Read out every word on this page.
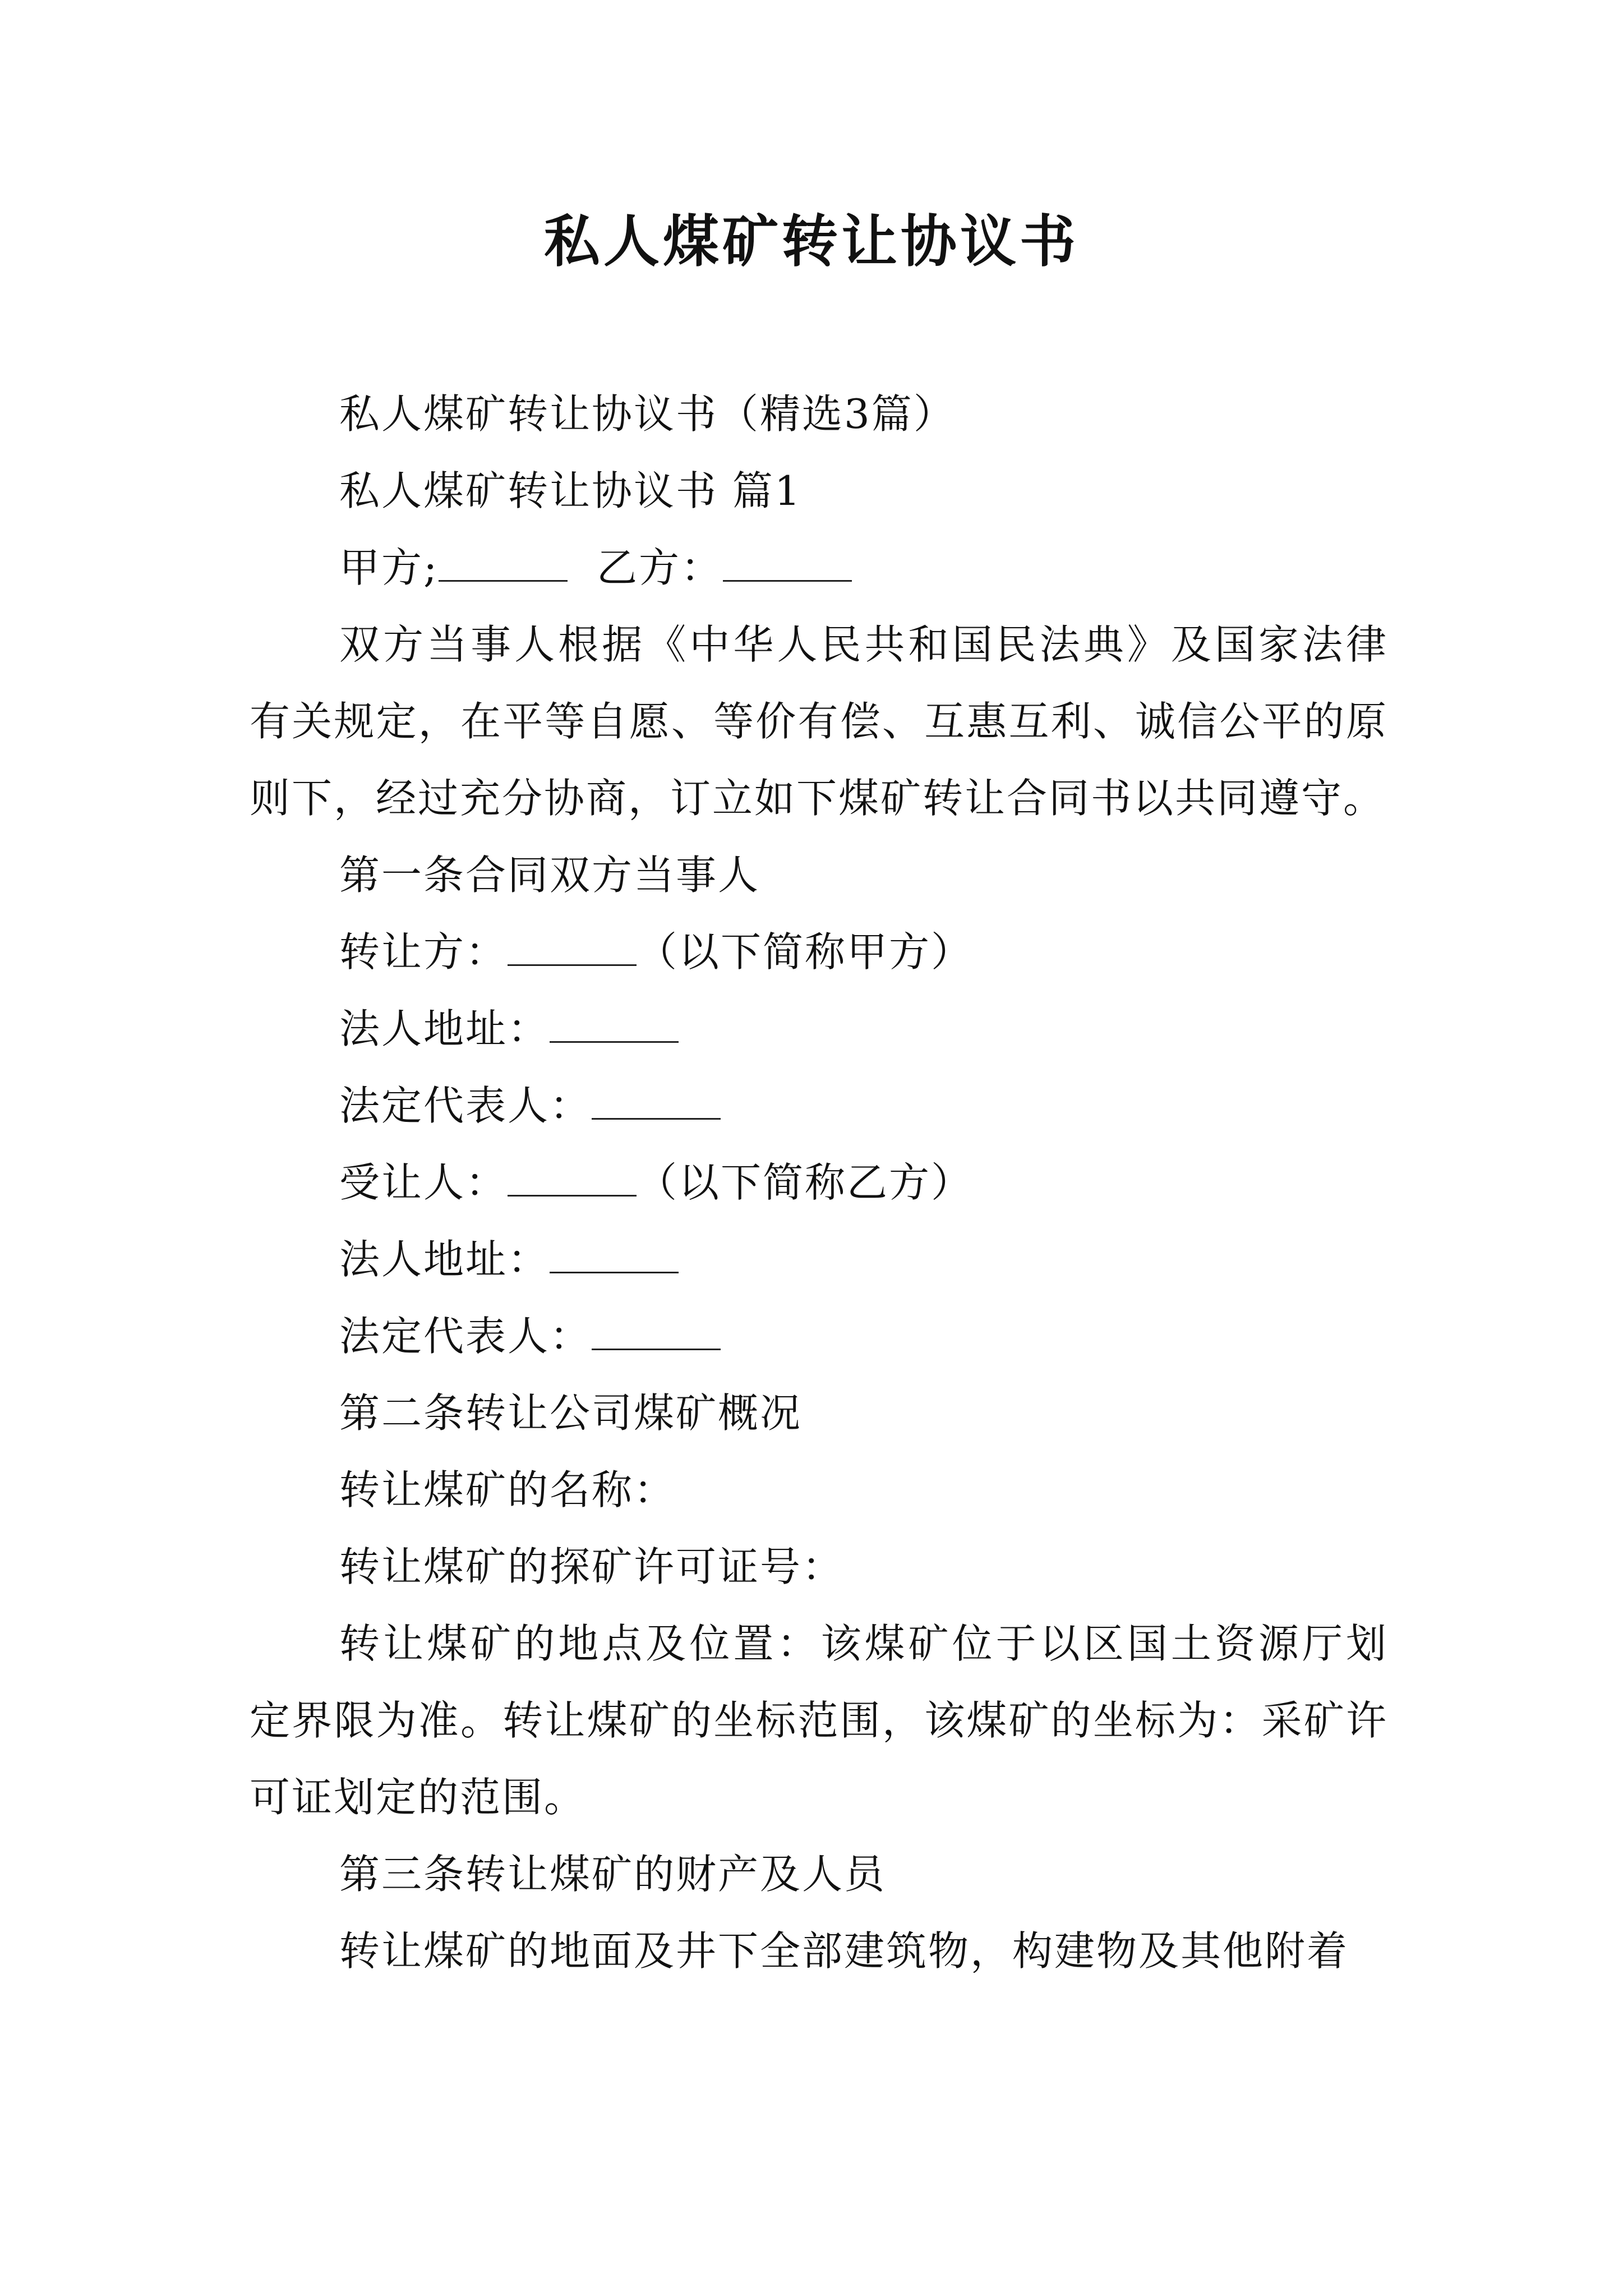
私人煤矿转让协议书

私人煤矿转让协议书（精选3篇）

私人煤矿转让协议书 篇1

甲方;	乙方：

双方当事人根据《中华人民共和国民法典》及国家法律有关规定，在平等自愿、等价有偿、互惠互利、诚信公平的原则下，经过充分协商，订立如下煤矿转让合同书以共同遵守。

第一条合同双方当事人

转让方：	（以下简称甲方）

法人地址：

法定代表人：

受让人：	（以下简称乙方）

法人地址：

法定代表人：

第二条转让公司煤矿概况

转让煤矿的名称：

转让煤矿的探矿许可证号：

转让煤矿的地点及位置：该煤矿位于以区国土资源厅划定界限为准。转让煤矿的坐标范围，该煤矿的坐标为：采矿许可证划定的范围。

第三条转让煤矿的财产及人员

转让煤矿的地面及井下全部建筑物，构建物及其他附着
